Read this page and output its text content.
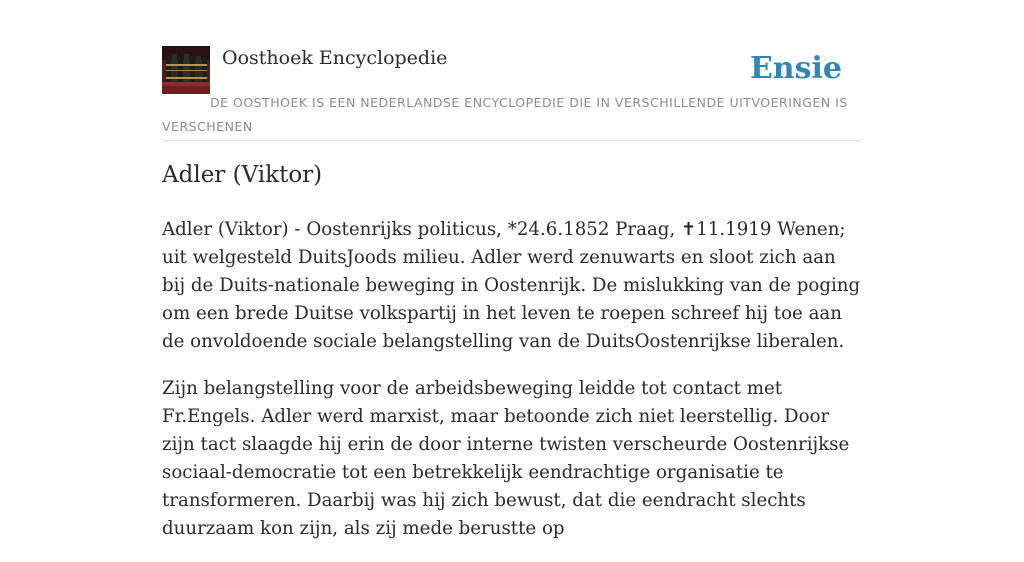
Oosthoek Encyclopedie	Ensie
DE OOSTHOEK IS EEN NEDERLANDSE ENCYCLOPEDIE DIE IN VERSCHILLENDE UITVOERINGEN IS VERSCHENEN
Adler (Viktor)

Adler (Viktor) - Oostenrijks politicus, *24.6.1852 Praag, ✝11.1919 Wenen; uit welgesteld DuitsJoods milieu. Adler werd zenuwarts en sloot zich aan bij de Duits-nationale beweging in Oostenrijk. De mislukking van de poging om een brede Duitse volkspartij in het leven te roepen schreef hij toe aan de onvoldoende sociale belangstelling van de DuitsOostenrijkse liberalen.

Zijn belangstelling voor de arbeidsbeweging leidde tot contact met Fr.Engels. Adler werd marxist, maar betoonde zich niet leerstellig. Door zijn tact slaagde hij erin de door interne twisten verscheurde Oostenrijkse sociaal-democratie tot een betrekkelijk eendrachtige organisatie te transformeren. Daarbij was hij zich bewust, dat die eendracht slechts duurzaam kon zijn, als zij mede berustte op
